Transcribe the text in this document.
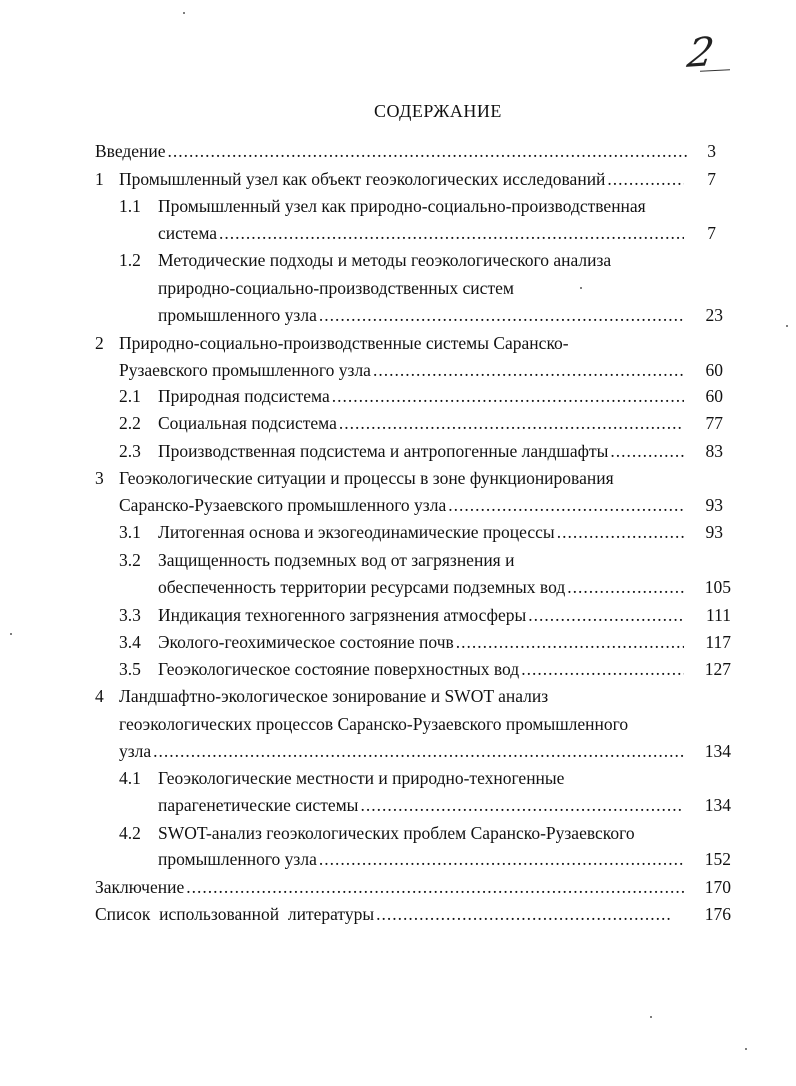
2
СОДЕРЖАНИЕ
Введение .....	3
1 Промышленный узел как объект геоэкологических исследований .....	7
1.1 Промышленный узел как природно-социально-производственная
система .....	7
1.2 Методические подходы и методы геоэкологического анализа
природно-социально-производственных систем
промышленного узла .....	23
2 Природно-социально-производственные системы Саранско-
Рузаевского промышленного узла .....	60
2.1 Природная подсистема .....	60
2.2 Социальная подсистема .....	77
2.3 Производственная подсистема и антропогенные ландшафты .....	83
3 Геоэкологические ситуации и процессы в зоне функционирования
Саранско-Рузаевского промышленного узла .....	93
3.1 Литогенная основа и экзогеодинамические процессы .....	93
3.2 Защищенность подземных вод от загрязнения и
обеспеченность территории ресурсами подземных вод .....	105
3.3 Индикация техногенного загрязнения атмосферы .....	111
3.4 Эколого-геохимическое состояние почв .....	117
3.5 Геоэкологическое состояние поверхностных вод .....	127
4 Ландшафтно-экологическое зонирование и SWOT анализ
геоэкологических процессов Саранско-Рузаевского промышленного
узла .....	134
4.1 Геоэкологические местности и природно-техногенные
парагенетические системы .....	134
4.2 SWOT-анализ геоэкологических проблем Саранско-Рузаевского
промышленного узла .....	152
Заключение .....	170
Список  использованной  литературы .....	176
